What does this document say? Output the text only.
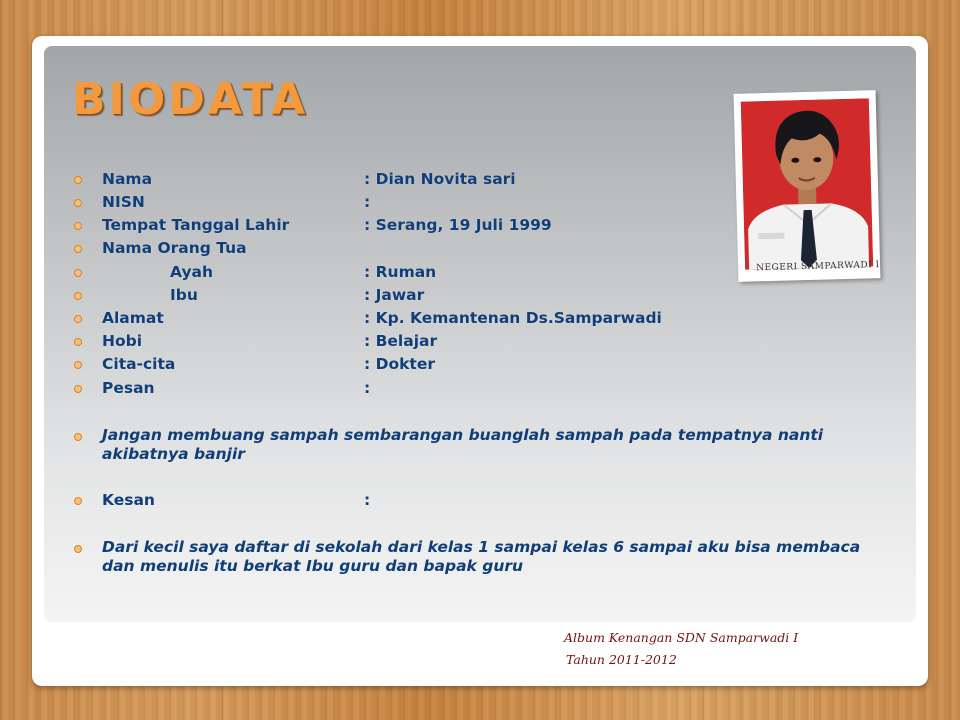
BIODATA
Nama	: Dian Novita sari
NISN	:
Tempat Tanggal Lahir	: Serang, 19 Juli 1999
Nama Orang Tua
Ayah	: Ruman
Ibu	: Jawar
Alamat	: Kp. Kemantenan Ds.Samparwadi
Hobi	: Belajar
Cita-cita	: Dokter
Pesan	:
Jangan membuang sampah sembarangan buanglah sampah pada tempatnya nanti akibatnya banjir
Kesan	:
Dari kecil saya daftar di sekolah dari kelas 1 sampai kelas 6 sampai aku bisa membaca dan menulis itu berkat Ibu guru dan bapak guru
NEGERI SAMPARWADI I
Album Kenangan SDN Samparwadi I
Tahun 2011-2012
